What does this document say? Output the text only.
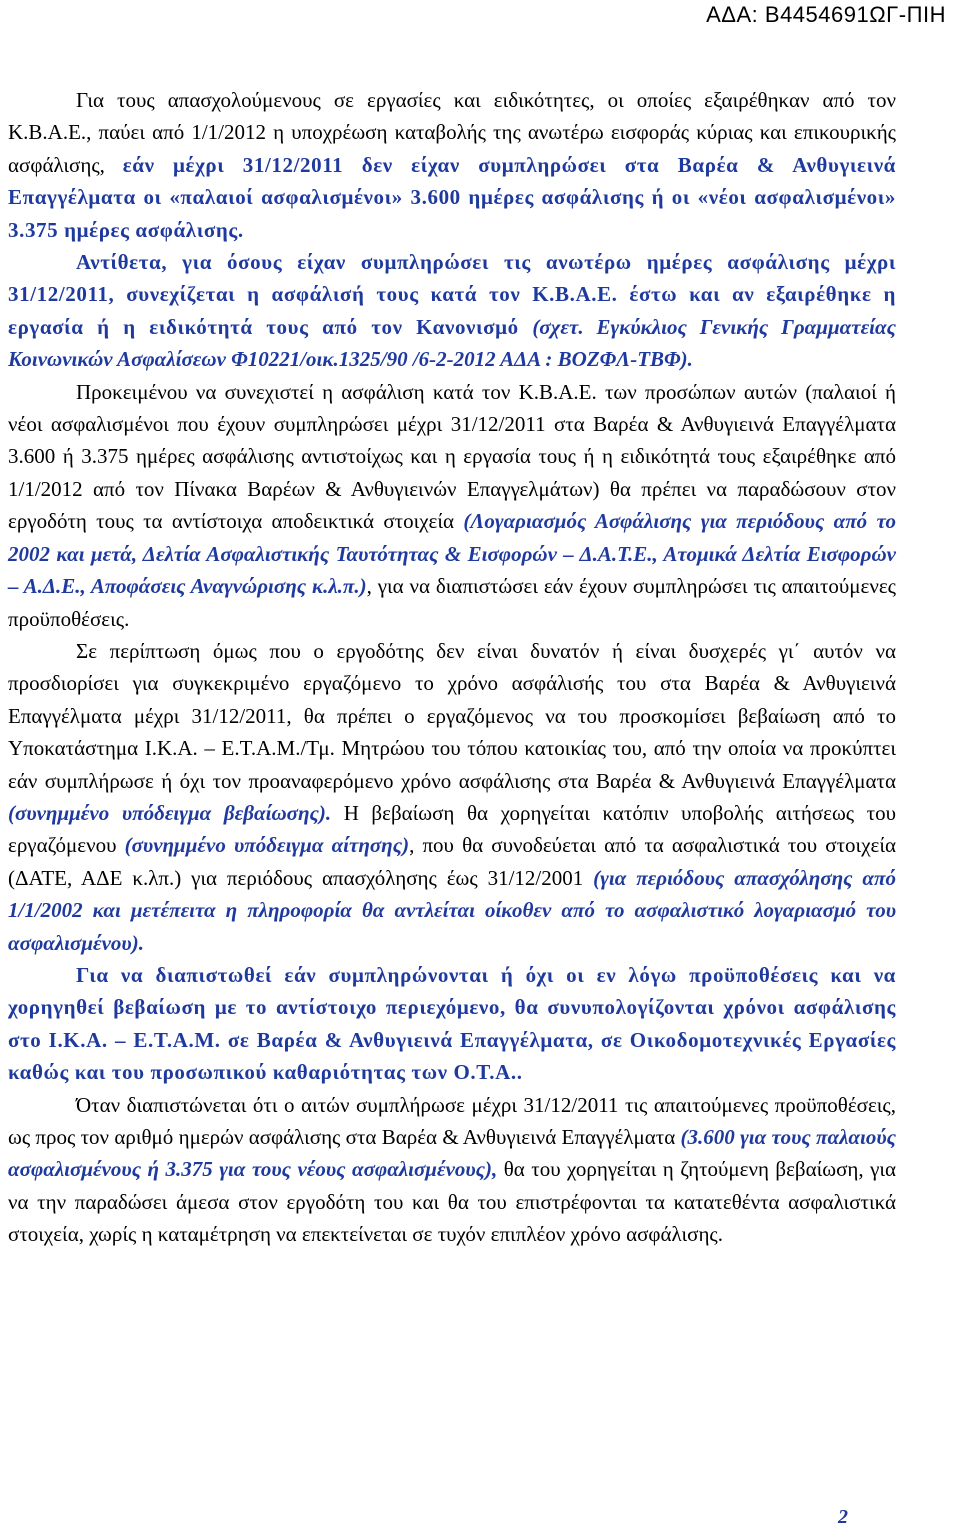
ΑΔΑ: Β4454691ΩΓ-ΠΙΗ

Για τους απασχολούμενους σε εργασίες και ειδικότητες, οι οποίες εξαιρέθηκαν από τον Κ.Β.Α.Ε., παύει από 1/1/2012 η υποχρέωση καταβολής της ανωτέρω εισφοράς κύριας και επικουρικής ασφάλισης, εάν μέχρι 31/12/2011 δεν είχαν συμπληρώσει στα Βαρέα & Ανθυγιεινά Επαγγέλματα οι «παλαιοί ασφαλισμένοι» 3.600 ημέρες ασφάλισης ή οι «νέοι ασφαλισμένοι» 3.375 ημέρες ασφάλισης.

Αντίθετα, για όσους είχαν συμπληρώσει τις ανωτέρω ημέρες ασφάλισης μέχρι 31/12/2011, συνεχίζεται η ασφάλισή τους κατά τον Κ.Β.Α.Ε. έστω και αν εξαιρέθηκε η εργασία ή η ειδικότητά τους από τον Κανονισμό (σχετ. Εγκύκλιος Γενικής Γραμματείας Κοινωνικών Ασφαλίσεων Φ10221/οικ.1325/90 /6-2-2012 ΑΔΑ : ΒΟΖΦΛ-ΤΒΦ).

Προκειμένου να συνεχιστεί η ασφάλιση κατά τον Κ.Β.Α.Ε. των προσώπων αυτών (παλαιοί ή νέοι ασφαλισμένοι που έχουν συμπληρώσει μέχρι 31/12/2011 στα Βαρέα & Ανθυγιεινά Επαγγέλματα 3.600 ή 3.375 ημέρες ασφάλισης αντιστοίχως και η εργασία τους ή η ειδικότητά τους εξαιρέθηκε από 1/1/2012 από τον Πίνακα Βαρέων & Ανθυγιεινών Επαγγελμάτων) θα πρέπει να παραδώσουν στον εργοδότη τους τα αντίστοιχα αποδεικτικά στοιχεία (Λογαριασμός Ασφάλισης για περιόδους από το 2002 και μετά, Δελτία Ασφαλιστικής Ταυτότητας & Εισφορών – Δ.Α.Τ.Ε., Ατομικά Δελτία Εισφορών – Α.Δ.Ε., Αποφάσεις Αναγνώρισης κ.λ.π.), για να διαπιστώσει εάν έχουν συμπληρώσει τις απαιτούμενες προϋποθέσεις.

Σε περίπτωση όμως που ο εργοδότης δεν είναι δυνατόν ή είναι δυσχερές γι΄ αυτόν να προσδιορίσει για συγκεκριμένο εργαζόμενο το χρόνο ασφάλισής του στα Βαρέα & Ανθυγιεινά Επαγγέλματα μέχρι 31/12/2011, θα πρέπει ο εργαζόμενος να του προσκομίσει βεβαίωση από το Υποκατάστημα Ι.Κ.Α. – Ε.Τ.Α.Μ./Τμ. Μητρώου του τόπου κατοικίας του, από την οποία να προκύπτει εάν συμπλήρωσε ή όχι τον προαναφερόμενο χρόνο ασφάλισης στα Βαρέα & Ανθυγιεινά Επαγγέλματα (συνημμένο υπόδειγμα βεβαίωσης). Η βεβαίωση θα χορηγείται κατόπιν υποβολής αιτήσεως του εργαζόμενου (συνημμένο υπόδειγμα αίτησης), που θα συνοδεύεται από τα ασφαλιστικά του στοιχεία (ΔΑΤΕ, ΑΔΕ κ.λπ.) για περιόδους απασχόλησης έως 31/12/2001 (για περιόδους απασχόλησης από 1/1/2002 και μετέπειτα η πληροφορία θα αντλείται οίκοθεν από το ασφαλιστικό λογαριασμό του ασφαλισμένου).

Για να διαπιστωθεί εάν συμπληρώνονται ή όχι οι εν λόγω προϋποθέσεις και να χορηγηθεί βεβαίωση με το αντίστοιχο περιεχόμενο, θα συνυπολογίζονται χρόνοι ασφάλισης στο Ι.Κ.Α. – Ε.Τ.Α.Μ. σε Βαρέα & Ανθυγιεινά Επαγγέλματα, σε Οικοδομοτεχνικές Εργασίες καθώς και του προσωπικού καθαριότητας των Ο.Τ.Α..

Όταν διαπιστώνεται ότι ο αιτών συμπλήρωσε μέχρι 31/12/2011 τις απαιτούμενες προϋποθέσεις, ως προς τον αριθμό ημερών ασφάλισης στα Βαρέα & Ανθυγιεινά Επαγγέλματα (3.600 για τους παλαιούς ασφαλισμένους ή 3.375 για τους νέους ασφαλισμένους), θα του χορηγείται η ζητούμενη βεβαίωση, για να την παραδώσει άμεσα στον εργοδότη του και θα του επιστρέφονται τα κατατεθέντα ασφαλιστικά στοιχεία, χωρίς η καταμέτρηση να επεκτείνεται σε τυχόν επιπλέον χρόνο ασφάλισης.

2
